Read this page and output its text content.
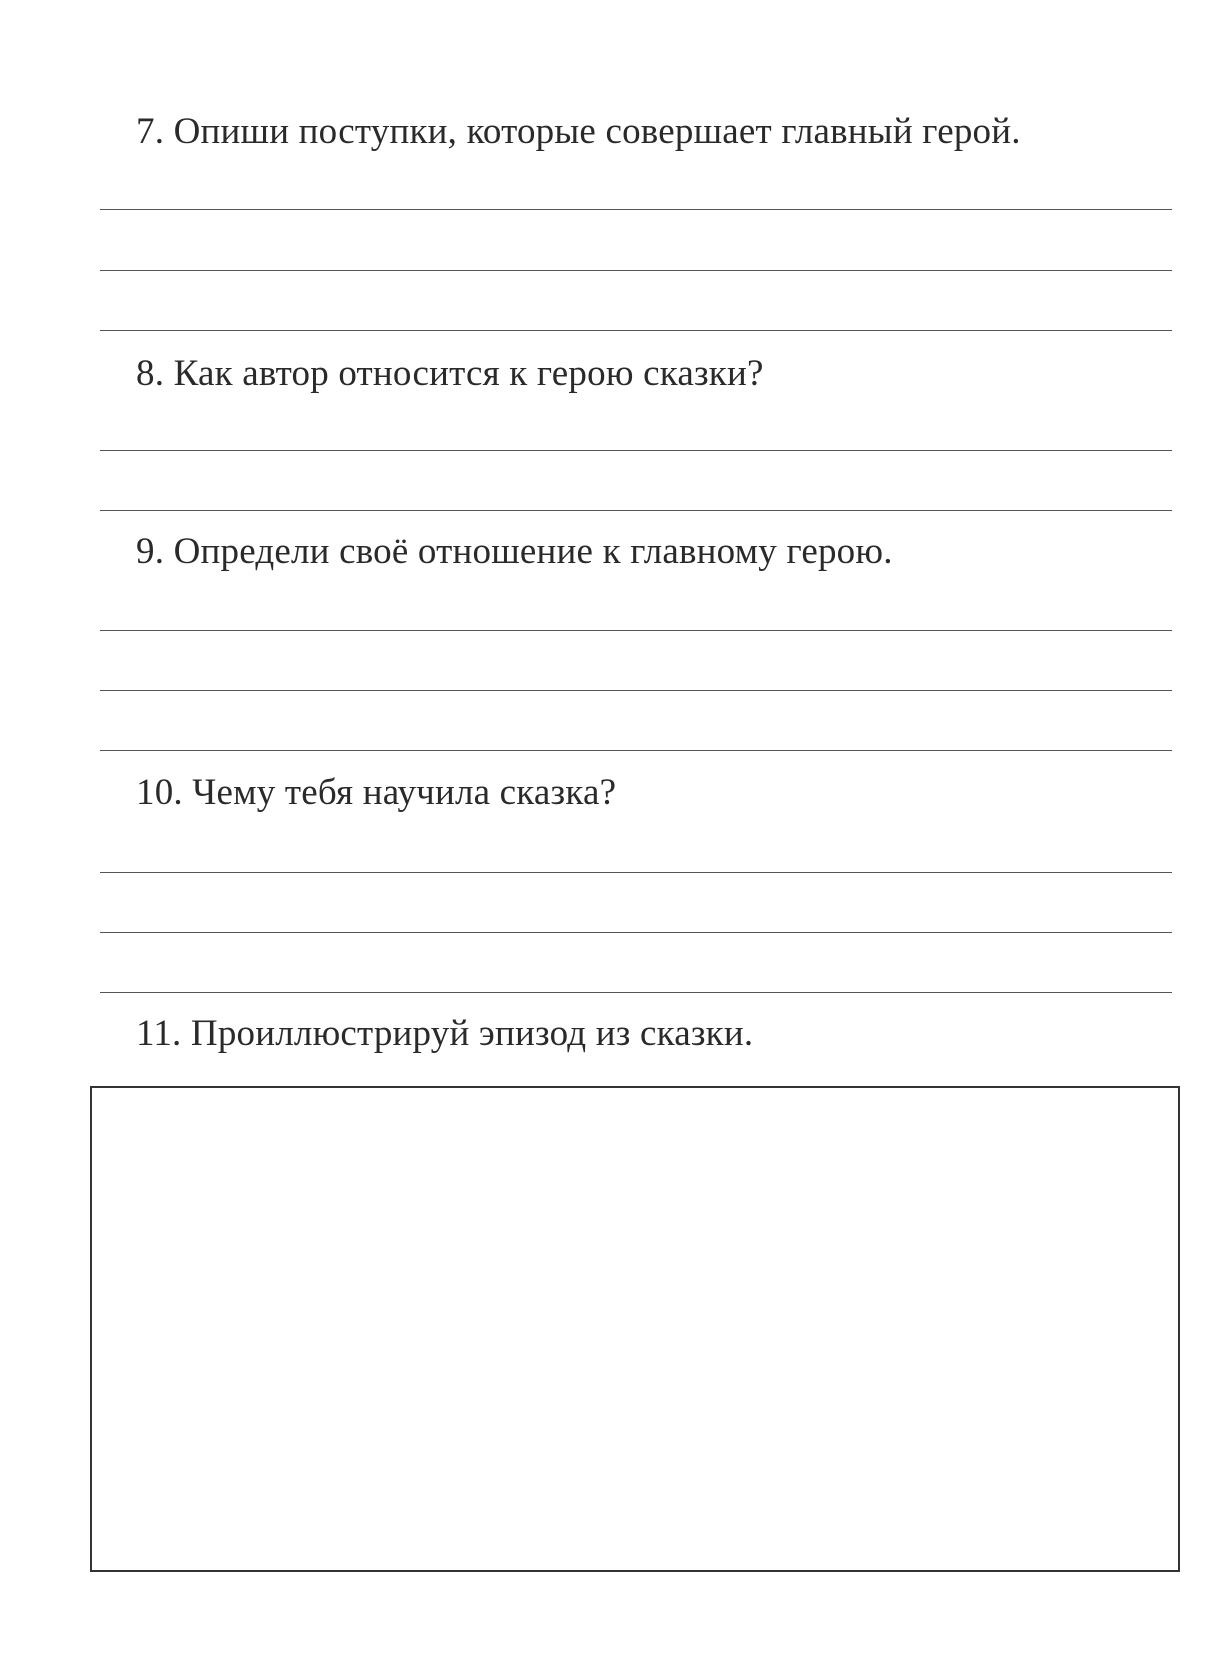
7. Опиши поступки, которые совершает главный герой.
8. Как автор относится к герою сказки?
9. Определи своё отношение к главному герою.
10. Чему тебя научила сказка?
11. Проиллюстрируй эпизод из сказки.
